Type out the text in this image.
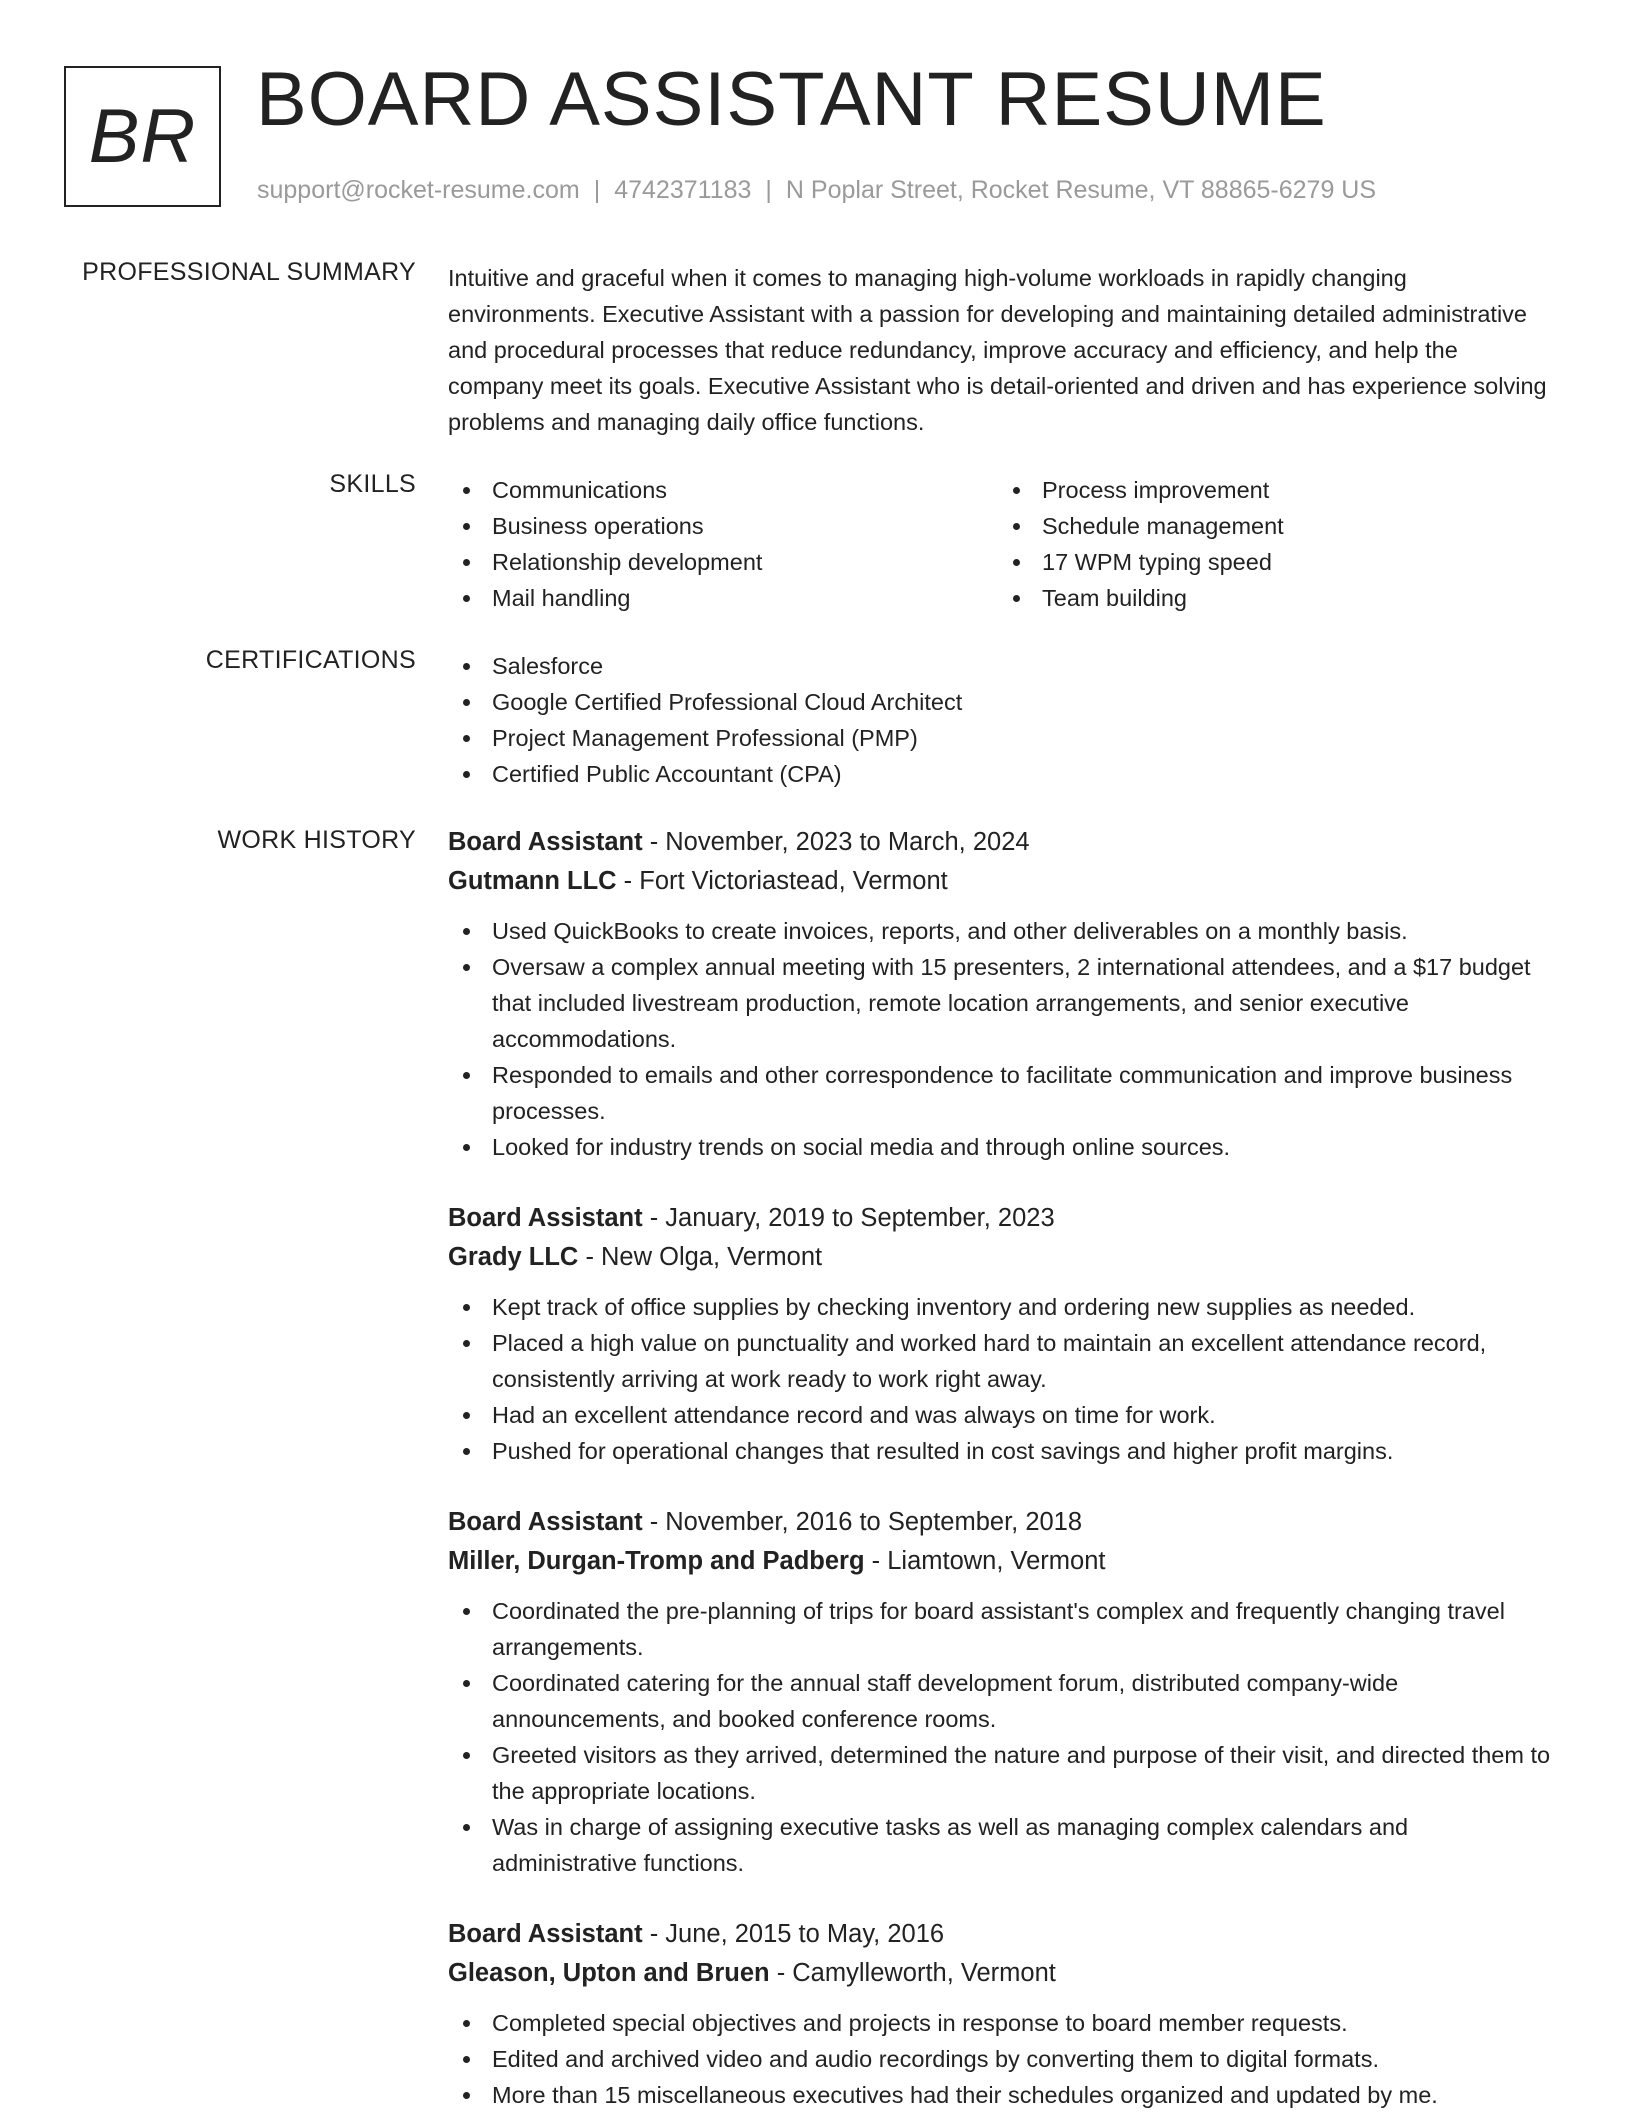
BR BOARD ASSISTANT RESUME
support@rocket-resume.com | 4742371183 | N Poplar Street, Rocket Resume, VT 88865-6279 US
PROFESSIONAL SUMMARY Intuitive and graceful when it comes to managing high-volume workloads in rapidly changing environments. Executive Assistant with a passion for developing and maintaining detailed administrative and procedural processes that reduce redundancy, improve accuracy and efficiency, and help the company meet its goals. Executive Assistant who is detail-oriented and driven and has experience solving problems and managing daily office functions.

SKILLS	Communications
Business operations
Relationship development
Mail handling
Process improvement
Schedule management
17 WPM typing speed
Team building
CERTIFICATIONS	Salesforce
Google Certified Professional Cloud Architect
Project Management Professional (PMP)
Certified Public Accountant (CPA)
WORK HISTORY Board Assistant - November, 2023 to March, 2024
Gutmann LLC - Fort Victoriastead, Vermont
Used QuickBooks to create invoices, reports, and other deliverables on a monthly basis.
Oversaw a complex annual meeting with 15 presenters, 2 international attendees, and a $17 budget that included livestream production, remote location arrangements, and senior executive accommodations.
Responded to emails and other correspondence to facilitate communication and improve business processes.
Looked for industry trends on social media and through online sources.
Board Assistant - January, 2019 to September, 2023
Grady LLC - New Olga, Vermont
Kept track of office supplies by checking inventory and ordering new supplies as needed.
Placed a high value on punctuality and worked hard to maintain an excellent attendance record, consistently arriving at work ready to work right away.
Had an excellent attendance record and was always on time for work.
Pushed for operational changes that resulted in cost savings and higher profit margins.
Board Assistant - November, 2016 to September, 2018
Miller, Durgan-Tromp and Padberg - Liamtown, Vermont
Coordinated the pre-planning of trips for board assistant's complex and frequently changing travel arrangements.
Coordinated catering for the annual staff development forum, distributed company-wide announcements, and booked conference rooms.
Greeted visitors as they arrived, determined the nature and purpose of their visit, and directed them to the appropriate locations.
Was in charge of assigning executive tasks as well as managing complex calendars and administrative functions.
Board Assistant - June, 2015 to May, 2016
Gleason, Upton and Bruen - Camylleworth, Vermont
Completed special objectives and projects in response to board member requests.
Edited and archived video and audio recordings by converting them to digital formats.
More than 15 miscellaneous executives had their schedules organized and updated by me.
